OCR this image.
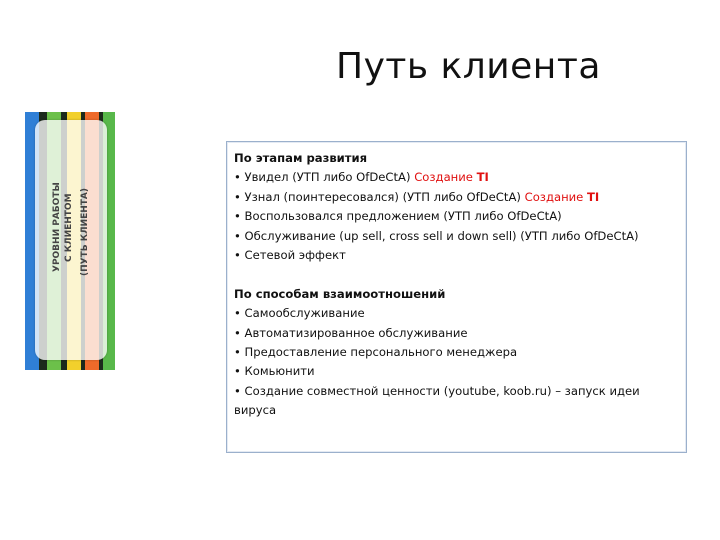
Путь клиента
УРОВНИ РАБОТЫ С КЛИЕНТОМ (ПУТЬ КЛИЕНТА)
По этапам развития
• Увидел (УТП либо OfDeCtA) Создание TI
• Узнал (поинтересовался) (УТП либо OfDeCtA) Создание TI
• Воспользовался предложением (УТП либо OfDeCtA)
• Обслуживание (up sell, cross sell и down sell) (УТП либо OfDeCtA)
• Сетевой эффект
По способам взаимоотношений
• Самообслуживание
• Автоматизированное обслуживание
• Предоставление персонального менеджера
• Комьюнити
• Создание совместной ценности (youtube, koob.ru) – запуск идеи вируса
